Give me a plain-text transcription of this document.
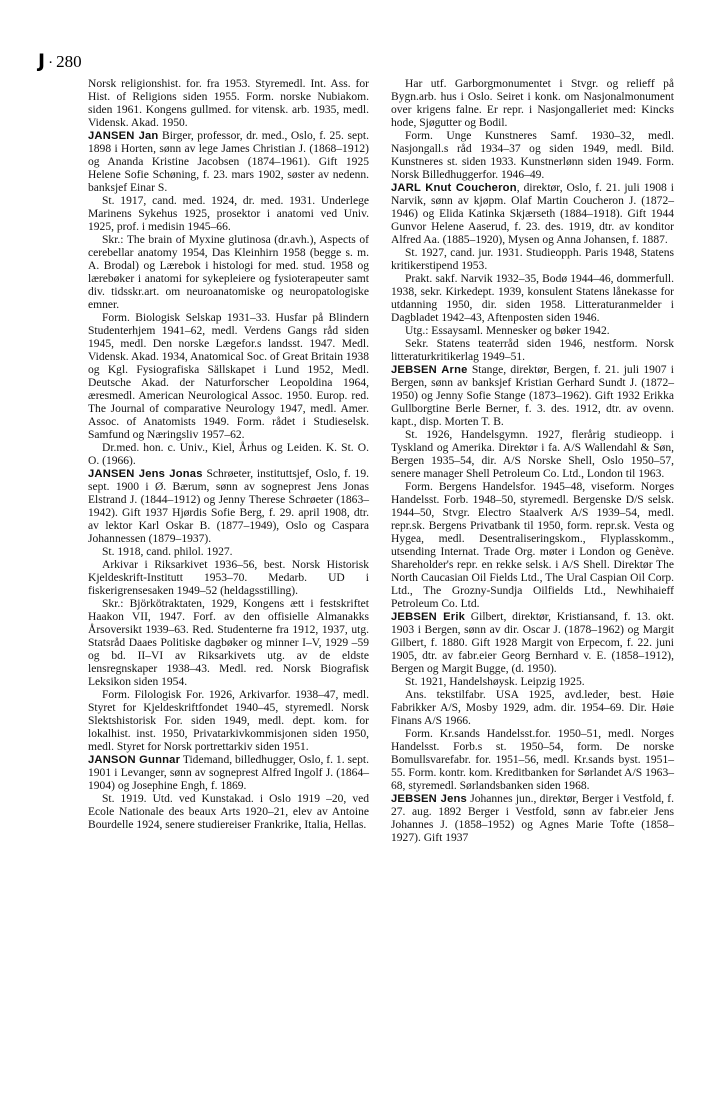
J · 280

Norsk religionshist. for. fra 1953. Styremedl. Int. Ass. for Hist. of Religions siden 1955. Form. norske Nubiakom. siden 1961. Kongens gullmed. for vitensk. arb. 1935, medl. Vidensk. Akad. 1950.

JANSEN Jan Birger, professor, dr. med., Oslo, f. 25. sept. 1898 i Horten, sønn av lege James Christian J. (1868–1912) og Ananda Kristine Jacobsen (1874–1961). Gift 1925 Helene Sofie Schøning, f. 23. mars 1902, søster av nedenn. banksjef Einar S.

St. 1917, cand. med. 1924, dr. med. 1931. Underlege Marinens Sykehus 1925, prosektor i anatomi ved Univ. 1925, prof. i medisin 1945–66.

Skr.: The brain of Myxine glutinosa (dr.avh.), Aspects of cerebellar anatomy 1954, Das Kleinhirn 1958 (begge s. m. A. Brodal) og Lærebok i histologi for med. stud. 1958 og lærebøker i anatomi for sykepleiere og fysioterapeuter samt div. tidsskr.art. om neuroanatomiske og neuropatologiske emner.

Form. Biologisk Selskap 1931–33. Husfar på Blindern Studenterhjem 1941–62, medl. Verdens Gangs råd siden 1945, medl. Den norske Lægefor.s landsst. 1947. Medl. Vidensk. Akad. 1934, Anatomical Soc. of Great Britain 1938 og Kgl. Fysiografiska Sällskapet i Lund 1952, Medl. Deutsche Akad. der Naturforscher Leopoldina 1964, æresmedl. American Neurological Assoc. 1950. Europ. red. The Journal of comparative Neurology 1947, medl. Amer. Assoc. of Anatomists 1949. Form. rådet i Studieselsk. Samfund og Næringsliv 1957–62.

Dr.med. hon. c. Univ., Kiel, Århus og Leiden. K. St. O. O. (1966).

JANSEN Jens Jonas Schrøeter, instituttsjef, Oslo, f. 19. sept. 1900 i Ø. Bærum, sønn av sogneprest Jens Jonas Elstrand J. (1844–1912) og Jenny Therese Schrøeter (1863–1942). Gift 1937 Hjørdis Sofie Berg, f. 29. april 1908, dtr. av lektor Karl Oskar B. (1877–1949), Oslo og Caspara Johannessen (1879–1937).

St. 1918, cand. philol. 1927.

Arkivar i Riksarkivet 1936–56, best. Norsk Historisk Kjeldeskrift-Institutt 1953–70. Medarb. UD i fiskerigrensesaken 1949–52 (heldagsstilling).

Skr.: Björkötraktaten, 1929, Kongens ætt i festskriftet Haakon VII, 1947. Forf. av den offisielle Almanakks Årsoversikt 1939–63. Red. Studenterne fra 1912, 1937, utg. Statsråd Daaes Politiske dagbøker og minner I–V, 1929 –59 og bd. II–VI av Riksarkivets utg. av de eldste lensregnskaper 1938–43. Medl. red. Norsk Biografisk Leksikon siden 1954.

Form. Filologisk For. 1926, Arkivarfor. 1938–47, medl. Styret for Kjeldeskriftfondet 1940–45, styremedl. Norsk Slektshistorisk For. siden 1949, medl. dept. kom. for lokalhist. inst. 1950, Privatarkivkommisjonen siden 1950, medl. Styret for Norsk portrettarkiv siden 1951.

JANSON Gunnar Tidemand, billedhugger, Oslo, f. 1. sept. 1901 i Levanger, sønn av sogneprest Alfred Ingolf J. (1864–1904) og Josephine Engh, f. 1869.

St. 1919. Utd. ved Kunstakad. i Oslo 1919 –20, ved Ecole Nationale des beaux Arts 1920–21, elev av Antoine Bourdelle 1924, senere studiereiser Frankrike, Italia, Hellas.

Har utf. Garborgmonumentet i Stvgr. og relieff på Bygn.arb. hus i Oslo. Seiret i konk. om Nasjonalmonument over krigens falne. Er repr. i Nasjongalleriet med: Kincks hode, Sjøgutter og Bodil.

Form. Unge Kunstneres Samf. 1930–32, medl. Nasjongall.s råd 1934–37 og siden 1949, medl. Bild. Kunstneres st. siden 1933. Kunstnerlønn siden 1949. Form. Norsk Billedhuggerfor. 1946–49.

JARL Knut Coucheron, direktør, Oslo, f. 21. juli 1908 i Narvik, sønn av kjøpm. Olaf Martin Coucheron J. (1872–1946) og Elida Katinka Skjærseth (1884–1918). Gift 1944 Gunvor Helene Aaserud, f. 23. des. 1919, dtr. av konditor Alfred Aa. (1885–1920), Mysen og Anna Johansen, f. 1887.

St. 1927, cand. jur. 1931. Studieopph. Paris 1948, Statens kritikerstipend 1953.

Prakt. sakf. Narvik 1932–35, Bodø 1944–46, dommerfull. 1938, sekr. Kirkedept. 1939, konsulent Statens lånekasse for utdanning 1950, dir. siden 1958. Litteraturanmelder i Dagbladet 1942–43, Aftenposten siden 1946.

Utg.: Essaysaml. Mennesker og bøker 1942.

Sekr. Statens teaterråd siden 1946, nestform. Norsk litteraturkritikerlag 1949–51.

JEBSEN Arne Stange, direktør, Bergen, f. 21. juli 1907 i Bergen, sønn av banksjef Kristian Gerhard Sundt J. (1872–1950) og Jenny Sofie Stange (1873–1962). Gift 1932 Erikka Gullborgtine Berle Berner, f. 3. des. 1912, dtr. av ovenn. kapt., disp. Morten T. B.

St. 1926, Handelsgymn. 1927, flerårig studieopp. i Tyskland og Amerika. Direktør i fa. A/S Wallendahl & Søn, Bergen 1935–54, dir. A/S Norske Shell, Oslo 1950–57, senere manager Shell Petroleum Co. Ltd., London til 1963.

Form. Bergens Handelsfor. 1945–48, viseform. Norges Handelsst. Forb. 1948–50, styremedl. Bergenske D/S selsk. 1944–50, Stvgr. Electro Staalverk A/S 1939–54, medl. repr.sk. Bergens Privatbank til 1950, form. repr.sk. Vesta og Hygea, medl. Desentraliseringskom., Flyplasskomm., utsending Internat. Trade Org. møter i London og Genève. Shareholder's repr. en rekke selsk. i A/S Shell. Direktør The North Caucasian Oil Fields Ltd., The Ural Caspian Oil Corp. Ltd., The Grozny-Sundja Oilfields Ltd., Newhihaieff Petroleum Co. Ltd.

JEBSEN Erik Gilbert, direktør, Kristiansand, f. 13. okt. 1903 i Bergen, sønn av dir. Oscar J. (1878–1962) og Margit Gilbert, f. 1880. Gift 1928 Margit von Erpecom, f. 22. juni 1905, dtr. av fabr.eier Georg Bernhard v. E. (1858–1912), Bergen og Margit Bugge, (d. 1950).

St. 1921, Handelshøysk. Leipzig 1925.

Ans. tekstilfabr. USA 1925, avd.leder, best. Høie Fabrikker A/S, Mosby 1929, adm. dir. 1954–69. Dir. Høie Finans A/S 1966.

Form. Kr.sands Handelsst.for. 1950–51, medl. Norges Handelsst. Forb.s st. 1950–54, form. De norske Bomullsvarefabr. for. 1951–56, medl. Kr.sands byst. 1951–55. Form. kontr. kom. Kreditbanken for Sørlandet A/S 1963–68, styremedl. Sørlandsbanken siden 1968.

JEBSEN Jens Johannes jun., direktør, Berger i Vestfold, f. 27. aug. 1892 Berger i Vestfold, sønn av fabr.eier Jens Johannes J. (1858–1952) og Agnes Marie Tofte (1858–1927). Gift 1937
